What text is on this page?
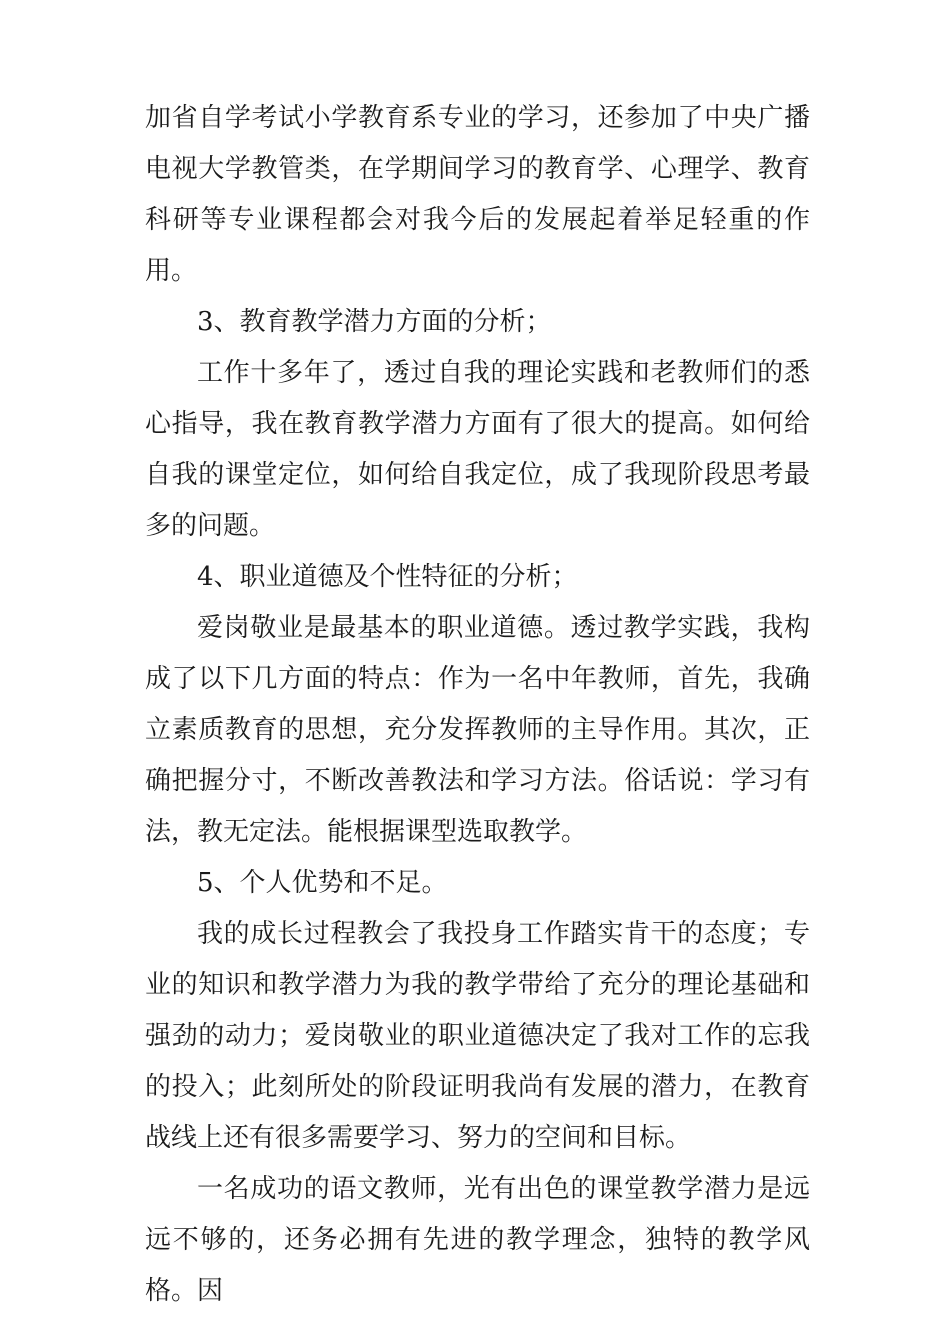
加省自学考试小学教育系专业的学习，还参加了中央广播电视大学教管类，在学期间学习的教育学、心理学、教育科研等专业课程都会对我今后的发展起着举足轻重的作用。

3、教育教学潜力方面的分析；

工作十多年了，透过自我的理论实践和老教师们的悉心指导，我在教育教学潜力方面有了很大的提高。如何给自我的课堂定位，如何给自我定位，成了我现阶段思考最多的问题。

4、职业道德及个性特征的分析；

爱岗敬业是最基本的职业道德。透过教学实践，我构成了以下几方面的特点：作为一名中年教师，首先，我确立素质教育的思想，充分发挥教师的主导作用。其次，正确把握分寸，不断改善教法和学习方法。俗话说：学习有法，教无定法。能根据课型选取教学。

5、个人优势和不足。

我的成长过程教会了我投身工作踏实肯干的态度；专业的知识和教学潜力为我的教学带给了充分的理论基础和强劲的动力；爱岗敬业的职业道德决定了我对工作的忘我的投入；此刻所处的阶段证明我尚有发展的潜力，在教育战线上还有很多需要学习、努力的空间和目标。

一名成功的语文教师，光有出色的课堂教学潜力是远远不够的，还务必拥有先进的教学理念，独特的教学风格。因
